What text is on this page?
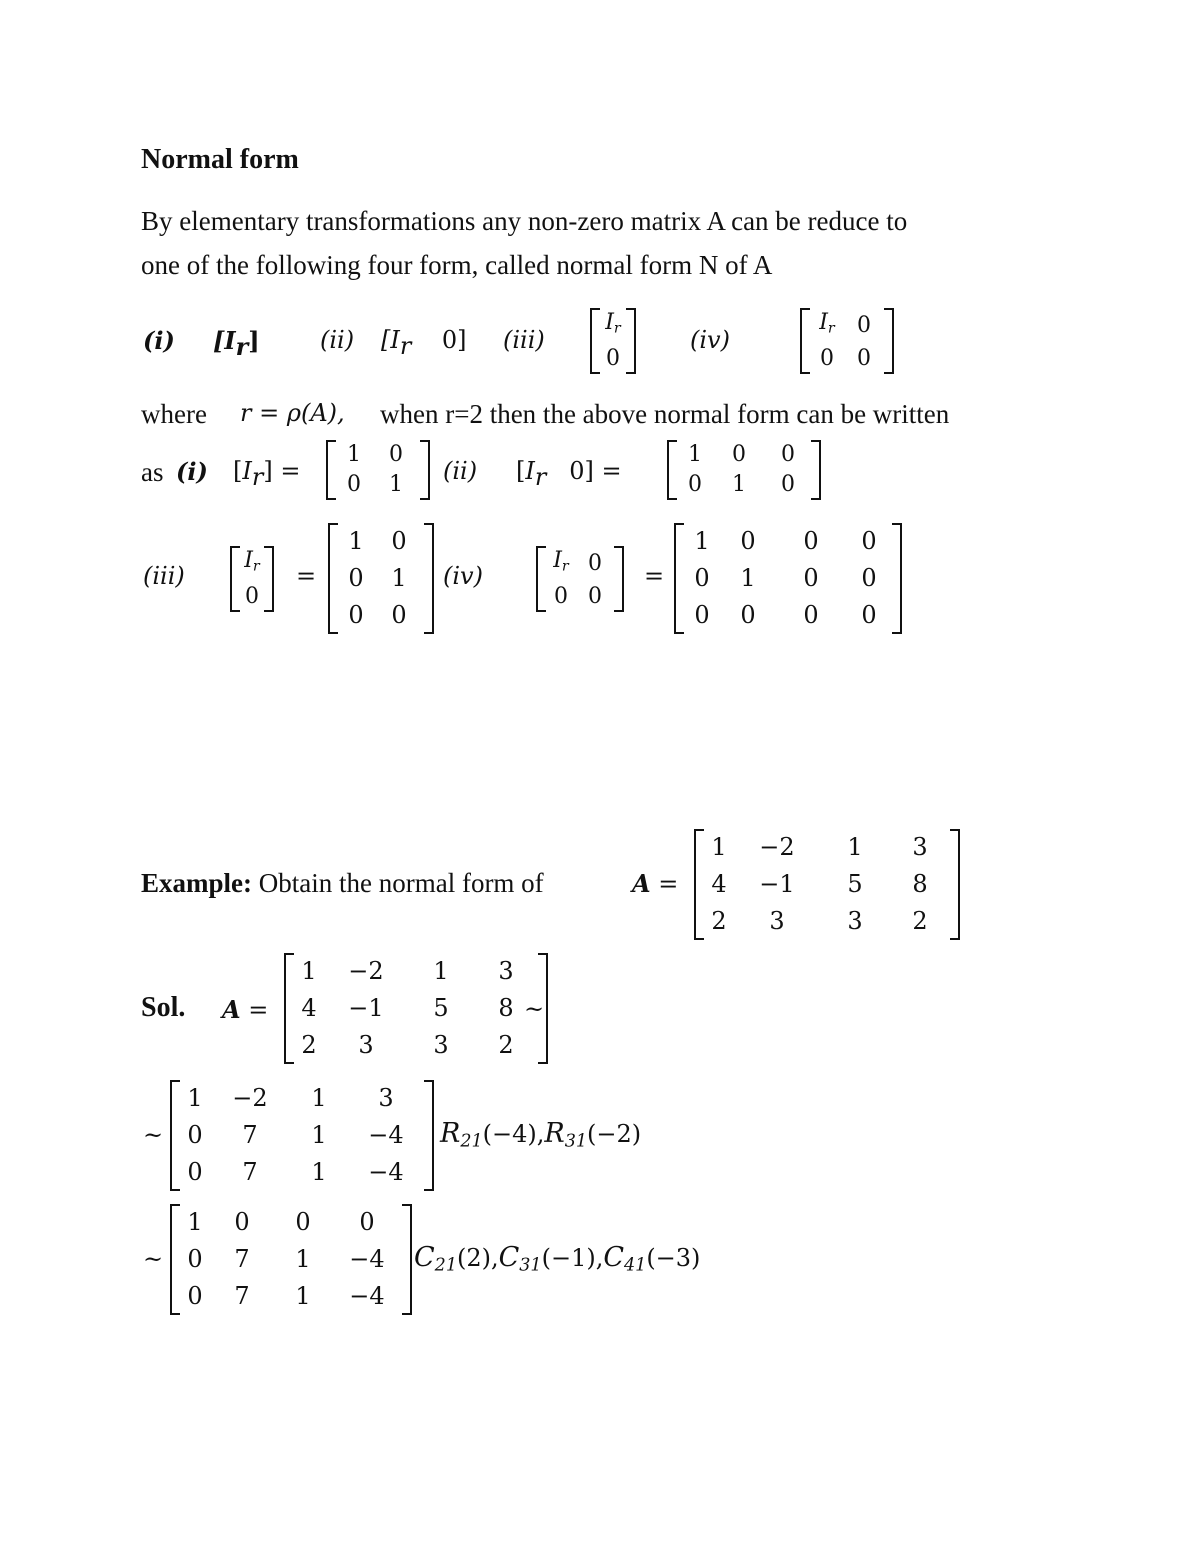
Normal form
By elementary transformations any non-zero matrix A can be reduce to
one of the following four form, called normal form N of A
(i) $[I_r]$	(ii) [$I_r$    0] (iii)
$I_r$
0
(iv)
$I_r$	0
0	0
where r = ρ(A), when r=2 then the above normal form can be written
as (i) $[I_r]$ =
1	0
0	1 (ii) [$I_r$   0] =
1	0	0
0	1	0
(iii)
$I_r$
0
=
1	0
0	1
0	0
(iv)
$I_r$	0
0	0
=
1	0	0	0
0	1	0	0
0	0	0	0
Example: Obtain the normal form of	A =
1	−2	1	3
4	−1	5	8
2	3	3	2
Sol. A =
1	−2	1	3
4	−1	5	8
2	3	3	2
~
~
1	−2	1	3
0	7	1	−4
0	7	1	−4
$R_{21}(-4),R_{31}(-2)$
~
1	0	0	0
0	7	1	−4
0	7	1	−4
$C_{21}(2),C_{31}(-1),C_{41}(-3)$
